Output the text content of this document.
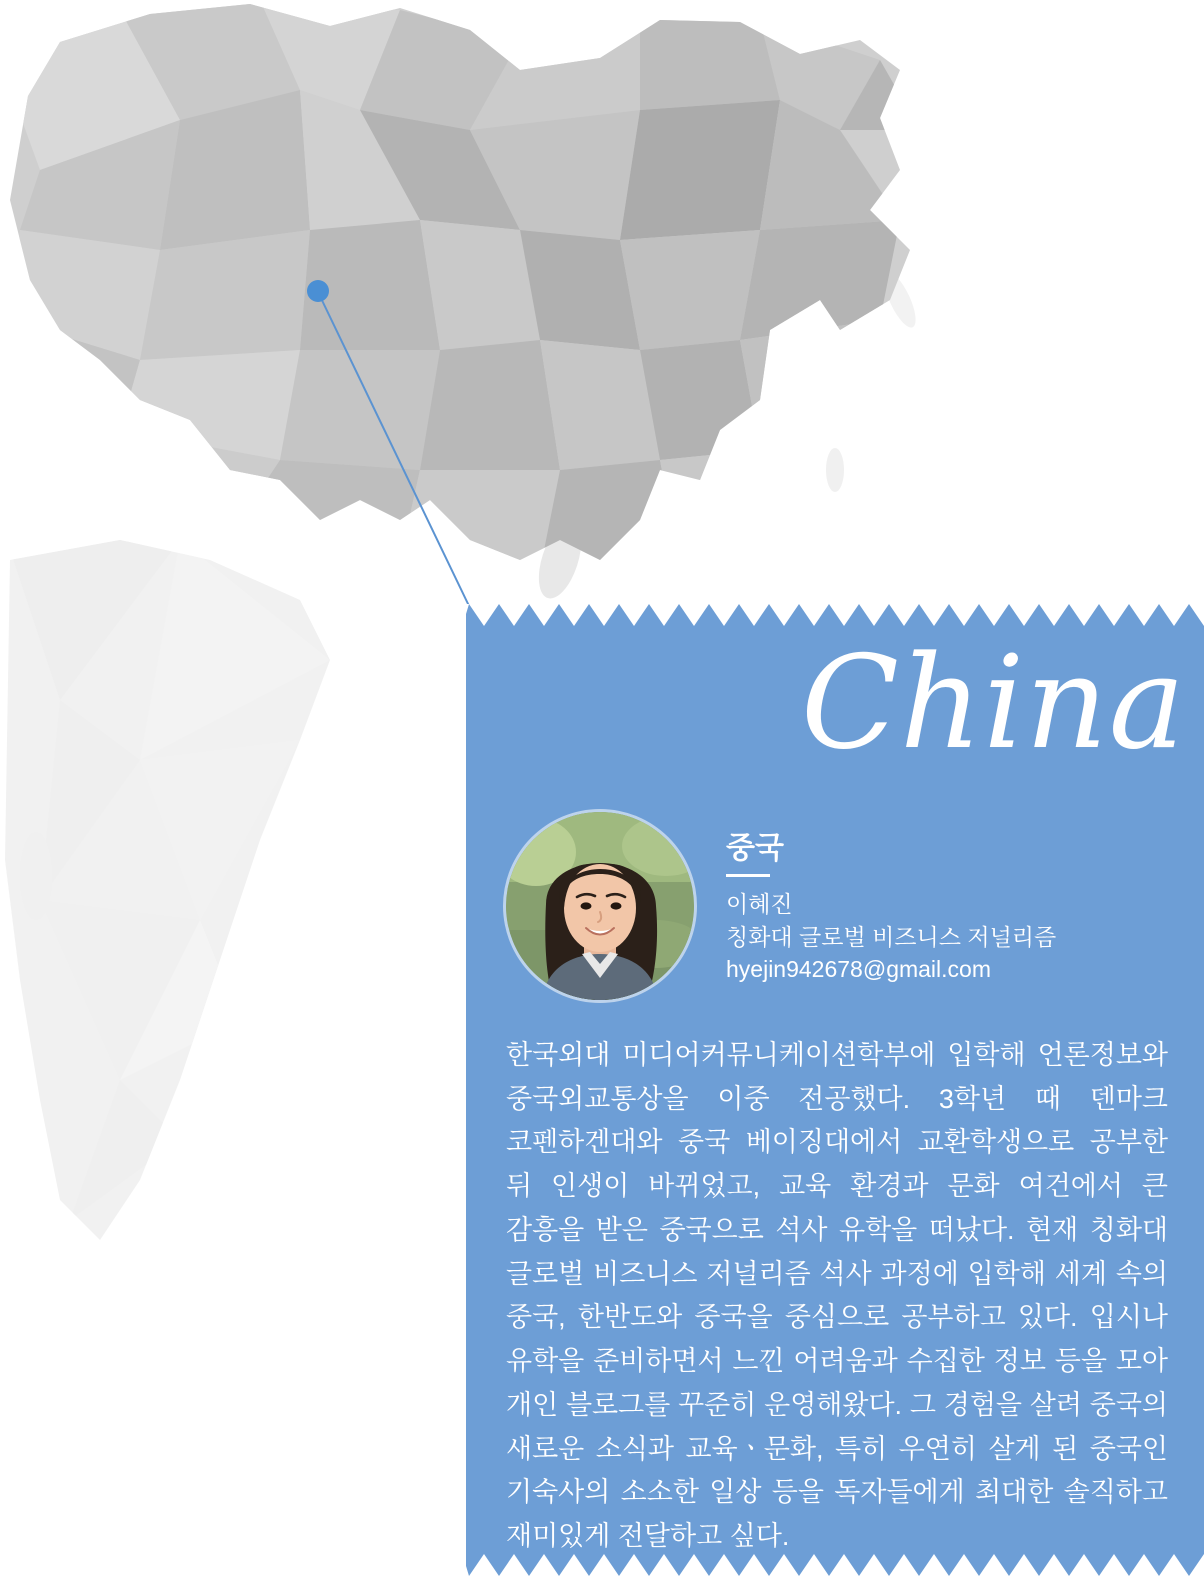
China
중국
이혜진
칭화대 글로벌 비즈니스 저널리즘
hyejin942678@gmail.com
한국외대 미디어커뮤니케이션학부에 입학해 언론정보와 중국외교통상을 이중 전공했다. 3학년 때 덴마크 코펜하겐대와 중국 베이징대에서 교환학생으로 공부한 뒤 인생이 바뀌었고, 교육 환경과 문화 여건에서 큰 감흥을 받은 중국으로 석사 유학을 떠났다. 현재 칭화대 글로벌 비즈니스 저널리즘 석사 과정에 입학해 세계 속의 중국, 한반도와 중국을 중심으로 공부하고 있다. 입시나 유학을 준비하면서 느낀 어려움과 수집한 정보 등을 모아 개인 블로그를 꾸준히 운영해왔다. 그 경험을 살려 중국의 새로운 소식과 교육ㆍ문화, 특히 우연히 살게 된 중국인 기숙사의 소소한 일상 등을 독자들에게 최대한 솔직하고 재미있게 전달하고 싶다.
